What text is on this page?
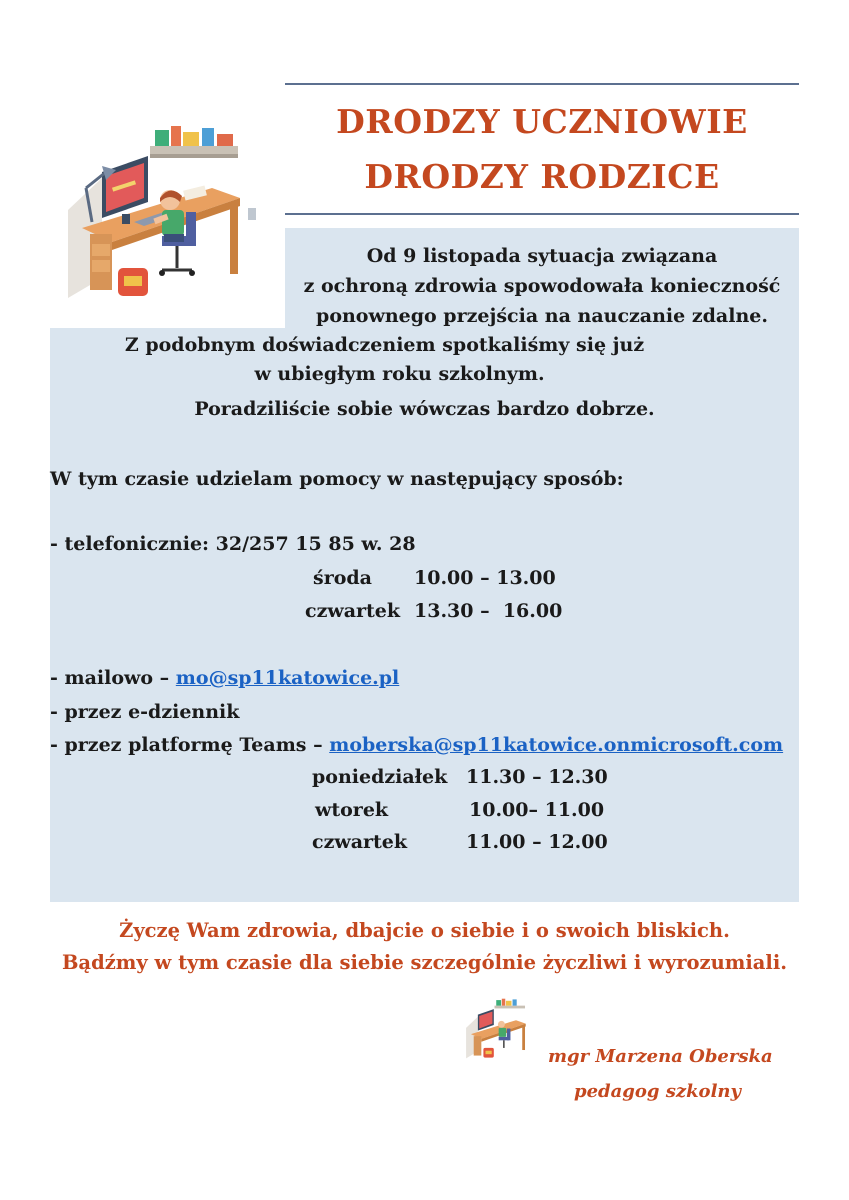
DRODZY UCZNIOWIE
DRODZY RODZICE
Od 9 listopada sytuacja związana
z ochroną zdrowia spowodowała konieczność
ponownego przejścia na nauczanie zdalne.
Z podobnym doświadczeniem spotkaliśmy się już
w ubiegłym roku szkolnym.
Poradziliście sobie wówczas bardzo dobrze.
W tym czasie udzielam pomocy w następujący sposób:
- telefonicznie: 32/257 15 85 w. 28
środa 10.00 – 13.00
czwartek 13.30 –  16.00
- mailowo – mo@sp11katowice.pl
- przez e-dziennik
- przez platformę Teams – moberska@sp11katowice.onmicrosoft.com
poniedziałek 11.30 – 12.30
wtorek	10.00– 11.00
czwartek	11.00 – 12.00
Życzę Wam zdrowia, dbajcie o siebie i o swoich bliskich.
Bądźmy w tym czasie dla siebie szczególnie życzliwi i wyrozumiali.
mgr Marzena Oberska
pedagog szkolny
